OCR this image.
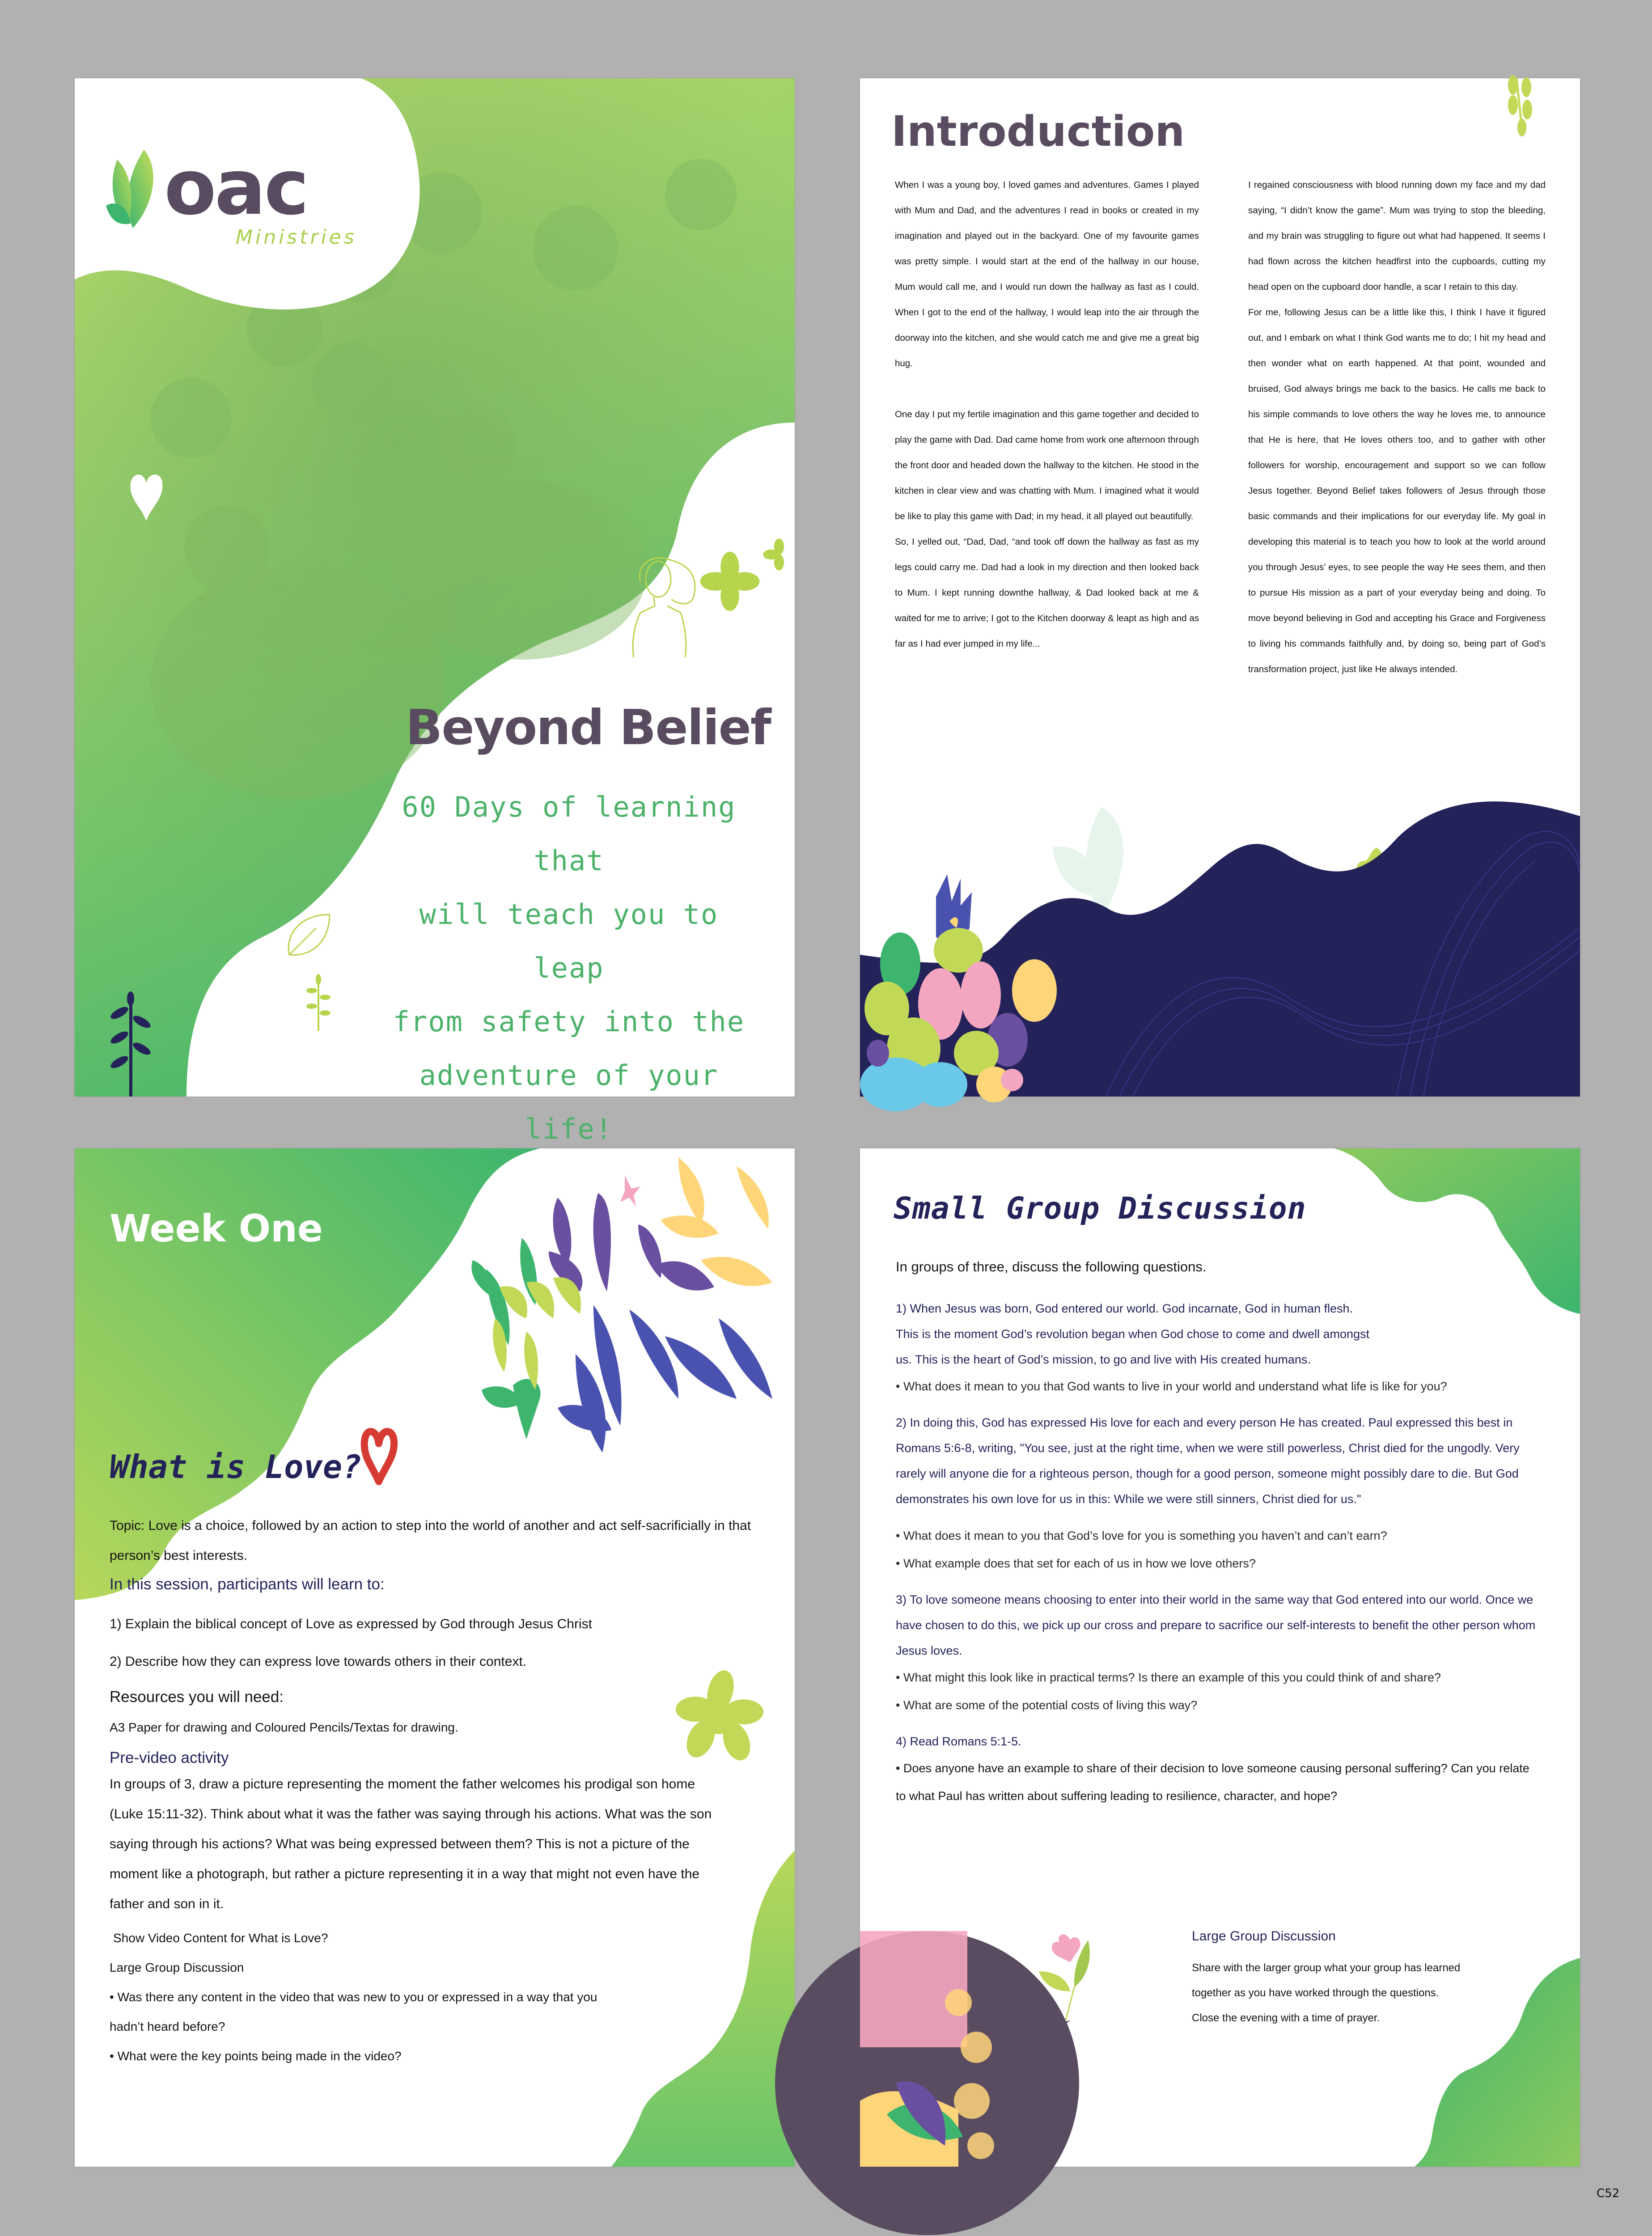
oac
Ministries
Beyond Belief
60 Days of learning that
will teach you to leap
from safety into the
adventure of your
life!
Introduction

When I was a young boy, I loved games and adventures. Games I played with Mum and Dad, and the adventures I read in books or created in my imagination and played out in the backyard. One of my favourite games was pretty simple. I would start at the end of the hallway in our house, Mum would call me, and I would run down the hallway as fast as I could. When I got to the end of the hallway, I would leap into the air through the doorway into the kitchen, and she would catch me and give me a great big hug.

One day I put my fertile imagination and this game together and decided to play the game with Dad. Dad came home from work one afternoon through the front door and headed down the hallway to the kitchen. He stood in the kitchen in clear view and was chatting with Mum. I imagined what it would be like to play this game with Dad; in my head, it all played out beautifully.

So, I yelled out, “Dad, Dad, “and took off down the hallway as fast as my legs could carry me. Dad had a look in my direction and then looked back to Mum. I kept running downthe hallway, & Dad looked back at me & waited for me to arrive; I got to the Kitchen doorway & leapt as high and as far as I had ever jumped in my life...

I regained consciousness with blood running down my face and my dad saying, “I didn’t know the game”. Mum was trying to stop the bleeding, and my brain was struggling to figure out what had happened. It seems I had flown across the kitchen headfirst into the cupboards, cutting my head open on the cupboard door handle, a scar I retain to this day.

For me, following Jesus can be a little like this, I think I have it figured out, and I embark on what I think God wants me to do; I hit my head and then wonder what on earth happened. At that point, wounded and bruised, God always brings me back to the basics. He calls me back to his simple commands to love others the way he loves me, to announce that He is here, that He loves others too, and to gather with other followers for worship, encouragement and support so we can follow Jesus together. Beyond Belief takes followers of Jesus through those basic commands and their implications for our everyday life. My goal in developing this material is to teach you how to look at the world around you through Jesus’ eyes, to see people the way He sees them, and then to pursue His mission as a part of your everyday being and doing. To move beyond believing in God and accepting his Grace and Forgiveness to living his commands faithfully and, by doing so, being part of God’s transformation project, just like He always intended.

Week One
What is Love?

Topic: Love is a choice, followed by an action to step into the world of another and act self-sacrificially in that person’s best interests.

In this session, participants will learn to:

1) Explain the biblical concept of Love as expressed by God through Jesus Christ

2) Describe how they can express love towards others in their context.

Resources you will need:

A3 Paper for drawing and Coloured Pencils/Textas for drawing.

Pre-video activity

In groups of 3, draw a picture representing the moment the father welcomes his prodigal son home (Luke 15:11-32). Think about what it was the father was saying through his actions. What was the son saying through his actions? What was being expressed between them? This is not a picture of the moment like a photograph, but rather a picture representing it in a way that might not even have the father and son in it.

Show Video Content for What is Love?

Large Group Discussion

• Was there any content in the video that was new to you or expressed in a way that you hadn’t heard before?

• What were the key points being made in the video?

Small Group Discussion

In groups of three, discuss the following questions.

1) When Jesus was born, God entered our world. God incarnate, God in human flesh. This is the moment God’s revolution began when God chose to come and dwell amongst us. This is the heart of God’s mission, to go and live with His created humans.

• What does it mean to you that God wants to live in your world and understand what life is like for you?

2) In doing this, God has expressed His love for each and every person He has created. Paul expressed this best in Romans 5:6-8, writing, "You see, just at the right time, when we were still powerless, Christ died for the ungodly. Very rarely will anyone die for a righteous person, though for a good person, someone might possibly dare to die. But God demonstrates his own love for us in this: While we were still sinners, Christ died for us."

• What does it mean to you that God’s love for you is something you haven’t and can’t earn?

• What example does that set for each of us in how we love others?

3) To love someone means choosing to enter into their world in the same way that God entered into our world. Once we have chosen to do this, we pick up our cross and prepare to sacrifice our self-interests to benefit the other person whom Jesus loves.

• What might this look like in practical terms? Is there an example of this you could think of and share?

• What are some of the potential costs of living this way?

4) Read Romans 5:1-5.

• Does anyone have an example to share of their decision to love someone causing personal suffering? Can you relate to what Paul has written about suffering leading to resilience, character, and hope?

Large Group Discussion

Share with the larger group what your group has learned

together as you have worked through the questions.

Close the evening with a time of prayer.

C52
